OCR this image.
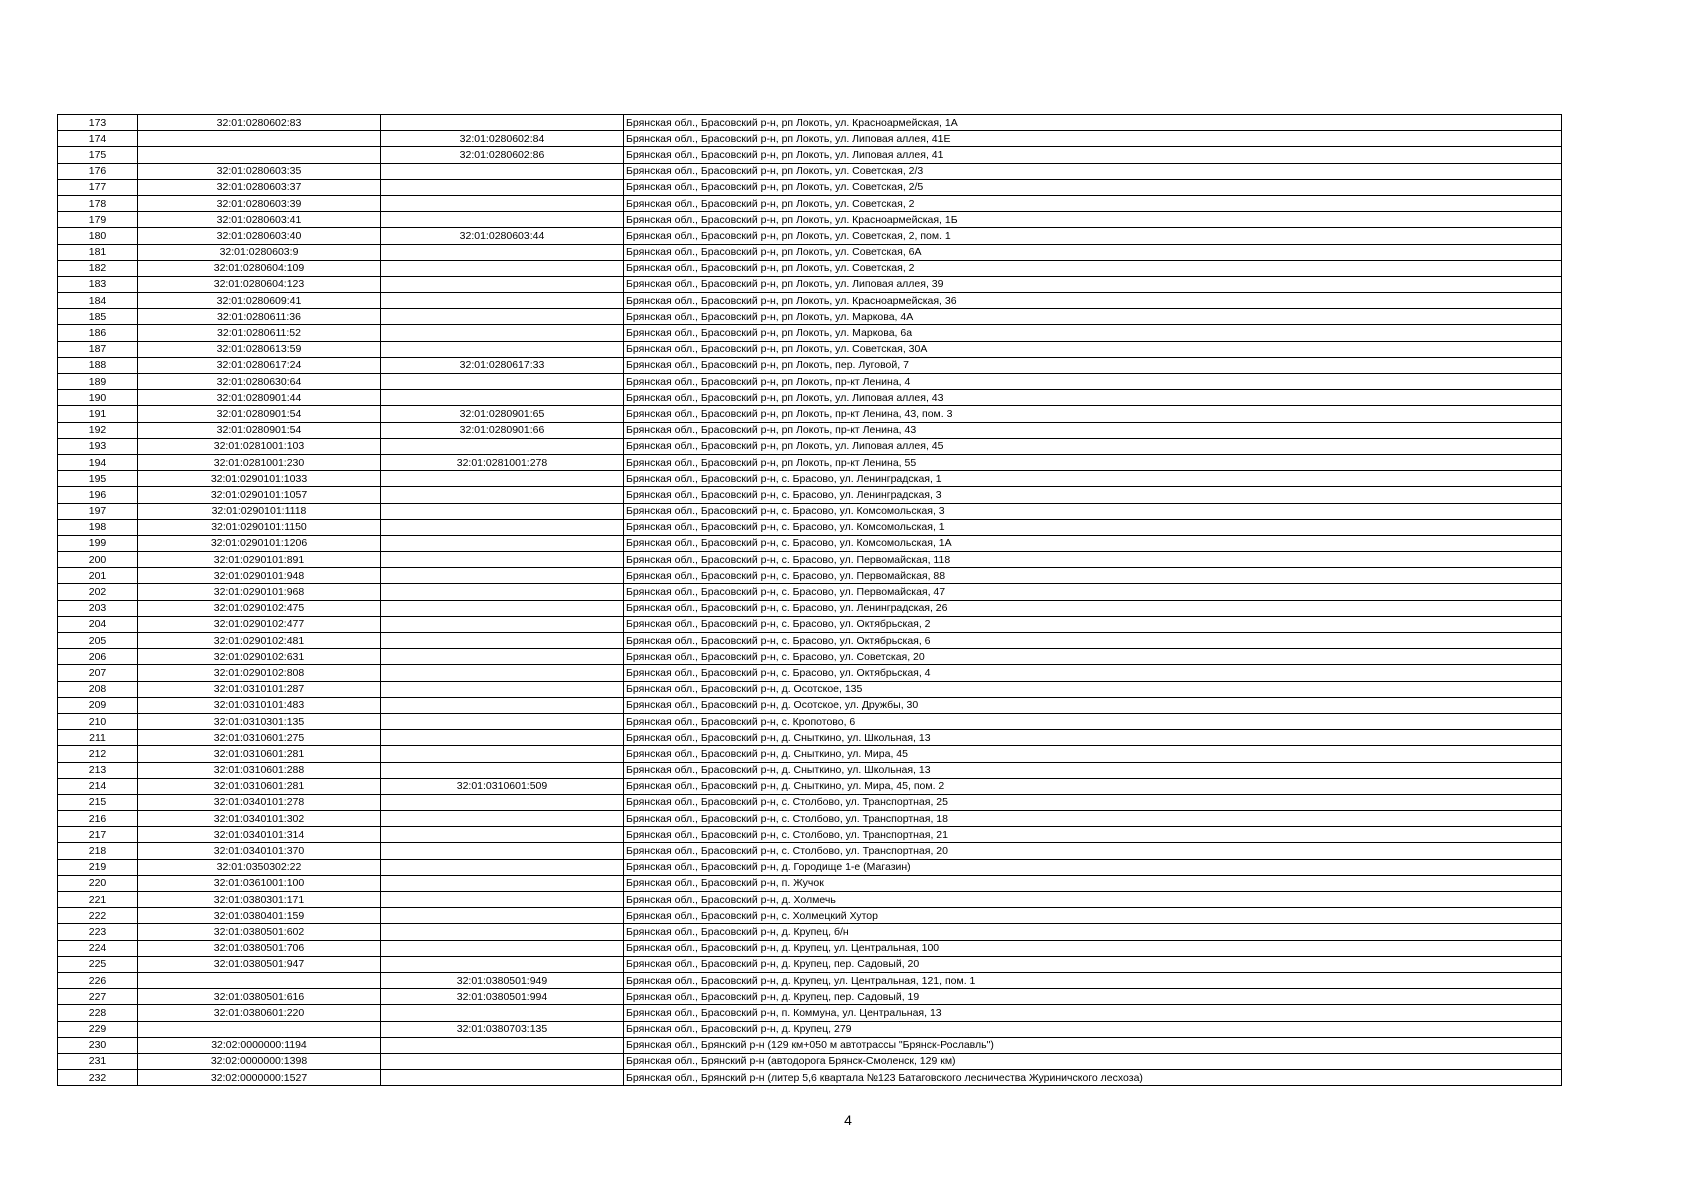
173	32:01:0280602:83		Брянская обл., Брасовский р-н, рп Локоть, ул. Красноармейская, 1А
174		32:01:0280602:84	Брянская обл., Брасовский р-н, рп Локоть, ул. Липовая аллея, 41Е
175		32:01:0280602:86	Брянская обл., Брасовский р-н, рп Локоть, ул. Липовая аллея, 41
176	32:01:0280603:35		Брянская обл., Брасовский р-н, рп Локоть, ул. Советская, 2/3
177	32:01:0280603:37		Брянская обл., Брасовский р-н, рп Локоть, ул. Советская, 2/5
178	32:01:0280603:39		Брянская обл., Брасовский р-н, рп Локоть, ул. Советская, 2
179	32:01:0280603:41		Брянская обл., Брасовский р-н, рп Локоть, ул. Красноармейская, 1Б
180	32:01:0280603:40	32:01:0280603:44	Брянская обл., Брасовский р-н, рп Локоть, ул. Советская, 2, пом. 1
181	32:01:0280603:9		Брянская обл., Брасовский р-н, рп Локоть, ул. Советская, 6А
182	32:01:0280604:109		Брянская обл., Брасовский р-н, рп Локоть, ул. Советская, 2
183	32:01:0280604:123		Брянская обл., Брасовский р-н, рп Локоть, ул. Липовая аллея, 39
184	32:01:0280609:41		Брянская обл., Брасовский р-н, рп Локоть, ул. Красноармейская, 36
185	32:01:0280611:36		Брянская обл., Брасовский р-н, рп Локоть, ул. Маркова, 4А
186	32:01:0280611:52		Брянская обл., Брасовский р-н, рп Локоть, ул. Маркова, 6а
187	32:01:0280613:59		Брянская обл., Брасовский р-н, рп Локоть, ул. Советская, 30А
188	32:01:0280617:24	32:01:0280617:33	Брянская обл., Брасовский р-н, рп Локоть, пер. Луговой, 7
189	32:01:0280630:64		Брянская обл., Брасовский р-н, рп Локоть, пр-кт Ленина, 4
190	32:01:0280901:44		Брянская обл., Брасовский р-н, рп Локоть, ул. Липовая аллея, 43
191	32:01:0280901:54	32:01:0280901:65	Брянская обл., Брасовский р-н, рп Локоть, пр-кт Ленина, 43, пом. 3
192	32:01:0280901:54	32:01:0280901:66	Брянская обл., Брасовский р-н, рп Локоть, пр-кт Ленина, 43
193	32:01:0281001:103		Брянская обл., Брасовский р-н, рп Локоть, ул. Липовая аллея, 45
194	32:01:0281001:230	32:01:0281001:278	Брянская обл., Брасовский р-н, рп Локоть, пр-кт Ленина, 55
195	32:01:0290101:1033		Брянская обл., Брасовский р-н, с. Брасово, ул. Ленинградская, 1
196	32:01:0290101:1057		Брянская обл., Брасовский р-н, с. Брасово, ул. Ленинградская, 3
197	32:01:0290101:1118		Брянская обл., Брасовский р-н, с. Брасово, ул. Комсомольская, 3
198	32:01:0290101:1150		Брянская обл., Брасовский р-н, с. Брасово, ул. Комсомольская, 1
199	32:01:0290101:1206		Брянская обл., Брасовский р-н, с. Брасово, ул. Комсомольская, 1А
200	32:01:0290101:891		Брянская обл., Брасовский р-н, с. Брасово, ул. Первомайская, 118
201	32:01:0290101:948		Брянская обл., Брасовский р-н, с. Брасово, ул. Первомайская, 88
202	32:01:0290101:968		Брянская обл., Брасовский р-н, с. Брасово, ул. Первомайская, 47
203	32:01:0290102:475		Брянская обл., Брасовский р-н, с. Брасово, ул. Ленинградская, 26
204	32:01:0290102:477		Брянская обл., Брасовский р-н, с. Брасово, ул. Октябрьская, 2
205	32:01:0290102:481		Брянская обл., Брасовский р-н, с. Брасово, ул. Октябрьская, 6
206	32:01:0290102:631		Брянская обл., Брасовский р-н, с. Брасово, ул. Советская, 20
207	32:01:0290102:808		Брянская обл., Брасовский р-н, с. Брасово, ул. Октябрьская, 4
208	32:01:0310101:287		Брянская обл., Брасовский р-н, д. Осотское, 135
209	32:01:0310101:483		Брянская обл., Брасовский р-н, д. Осотское, ул. Дружбы, 30
210	32:01:0310301:135		Брянская обл., Брасовский р-н, с. Кропотово, 6
211	32:01:0310601:275		Брянская обл., Брасовский р-н, д. Сныткино, ул. Школьная, 13
212	32:01:0310601:281		Брянская обл., Брасовский р-н, д. Сныткино, ул. Мира, 45
213	32:01:0310601:288		Брянская обл., Брасовский р-н, д. Сныткино, ул. Школьная, 13
214	32:01:0310601:281	32:01:0310601:509	Брянская обл., Брасовский р-н, д. Сныткино, ул. Мира, 45, пом. 2
215	32:01:0340101:278		Брянская обл., Брасовский р-н, с. Столбово, ул. Транспортная, 25
216	32:01:0340101:302		Брянская обл., Брасовский р-н, с. Столбово, ул. Транспортная, 18
217	32:01:0340101:314		Брянская обл., Брасовский р-н, с. Столбово, ул. Транспортная, 21
218	32:01:0340101:370		Брянская обл., Брасовский р-н, с. Столбово, ул. Транспортная, 20
219	32:01:0350302:22		Брянская обл., Брасовский р-н, д. Городище 1-е (Магазин)
220	32:01:0361001:100		Брянская обл., Брасовский р-н, п. Жучок
221	32:01:0380301:171		Брянская обл., Брасовский р-н, д. Холмечь
222	32:01:0380401:159		Брянская обл., Брасовский р-н, с. Холмецкий Хутор
223	32:01:0380501:602		Брянская обл., Брасовский р-н, д. Крупец, б/н
224	32:01:0380501:706		Брянская обл., Брасовский р-н, д. Крупец, ул. Центральная, 100
225	32:01:0380501:947		Брянская обл., Брасовский р-н, д. Крупец, пер. Садовый, 20
226		32:01:0380501:949	Брянская обл., Брасовский р-н, д. Крупец, ул. Центральная, 121, пом. 1
227	32:01:0380501:616	32:01:0380501:994	Брянская обл., Брасовский р-н, д. Крупец, пер. Садовый, 19
228	32:01:0380601:220		Брянская обл., Брасовский р-н, п. Коммуна, ул. Центральная, 13
229		32:01:0380703:135	Брянская обл., Брасовский р-н, д. Крупец, 279
230	32:02:0000000:1194		Брянская обл., Брянский р-н (129 км+050 м автотрассы "Брянск-Рославль")
231	32:02:0000000:1398		Брянская обл., Брянский р-н (автодорога Брянск-Смоленск, 129 км)
232	32:02:0000000:1527		Брянская обл., Брянский р-н (литер 5,6 квартала №123 Батаговского лесничества Журиничского лесхоза)
4
